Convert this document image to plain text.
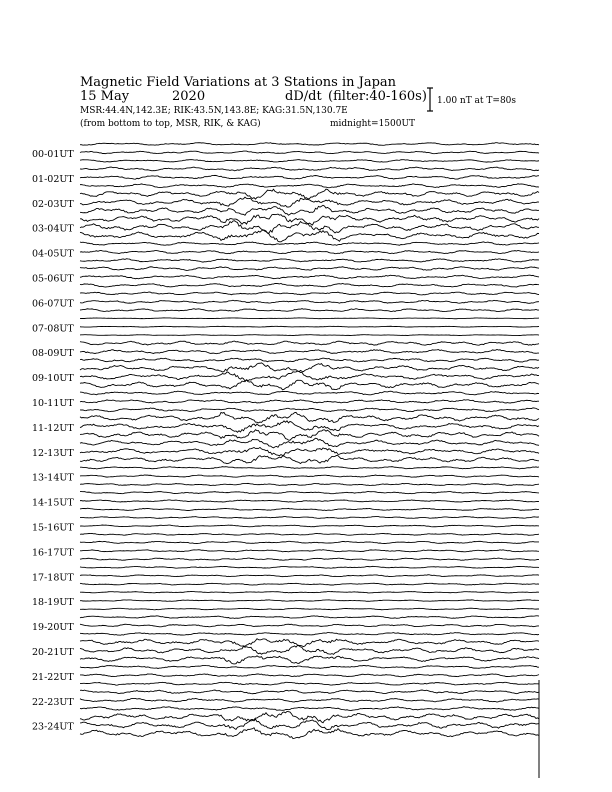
Magnetic Field Variations at 3 Stations in Japan
15 May	2020	dD/dt (filter:40-160s)
MSR:44.4N,142.3E; RIK:43.5N,143.8E; KAG:31.5N,130.7E
(from bottom to top, MSR, RIK, & KAG)	midnight=1500UT
1.00 nT at T=80s
00-01UT
01-02UT
02-03UT
03-04UT
04-05UT
05-06UT
06-07UT
07-08UT
08-09UT
09-10UT
10-11UT
11-12UT
12-13UT
13-14UT
14-15UT
15-16UT
16-17UT
17-18UT
18-19UT
19-20UT
20-21UT
21-22UT
22-23UT
23-24UT
